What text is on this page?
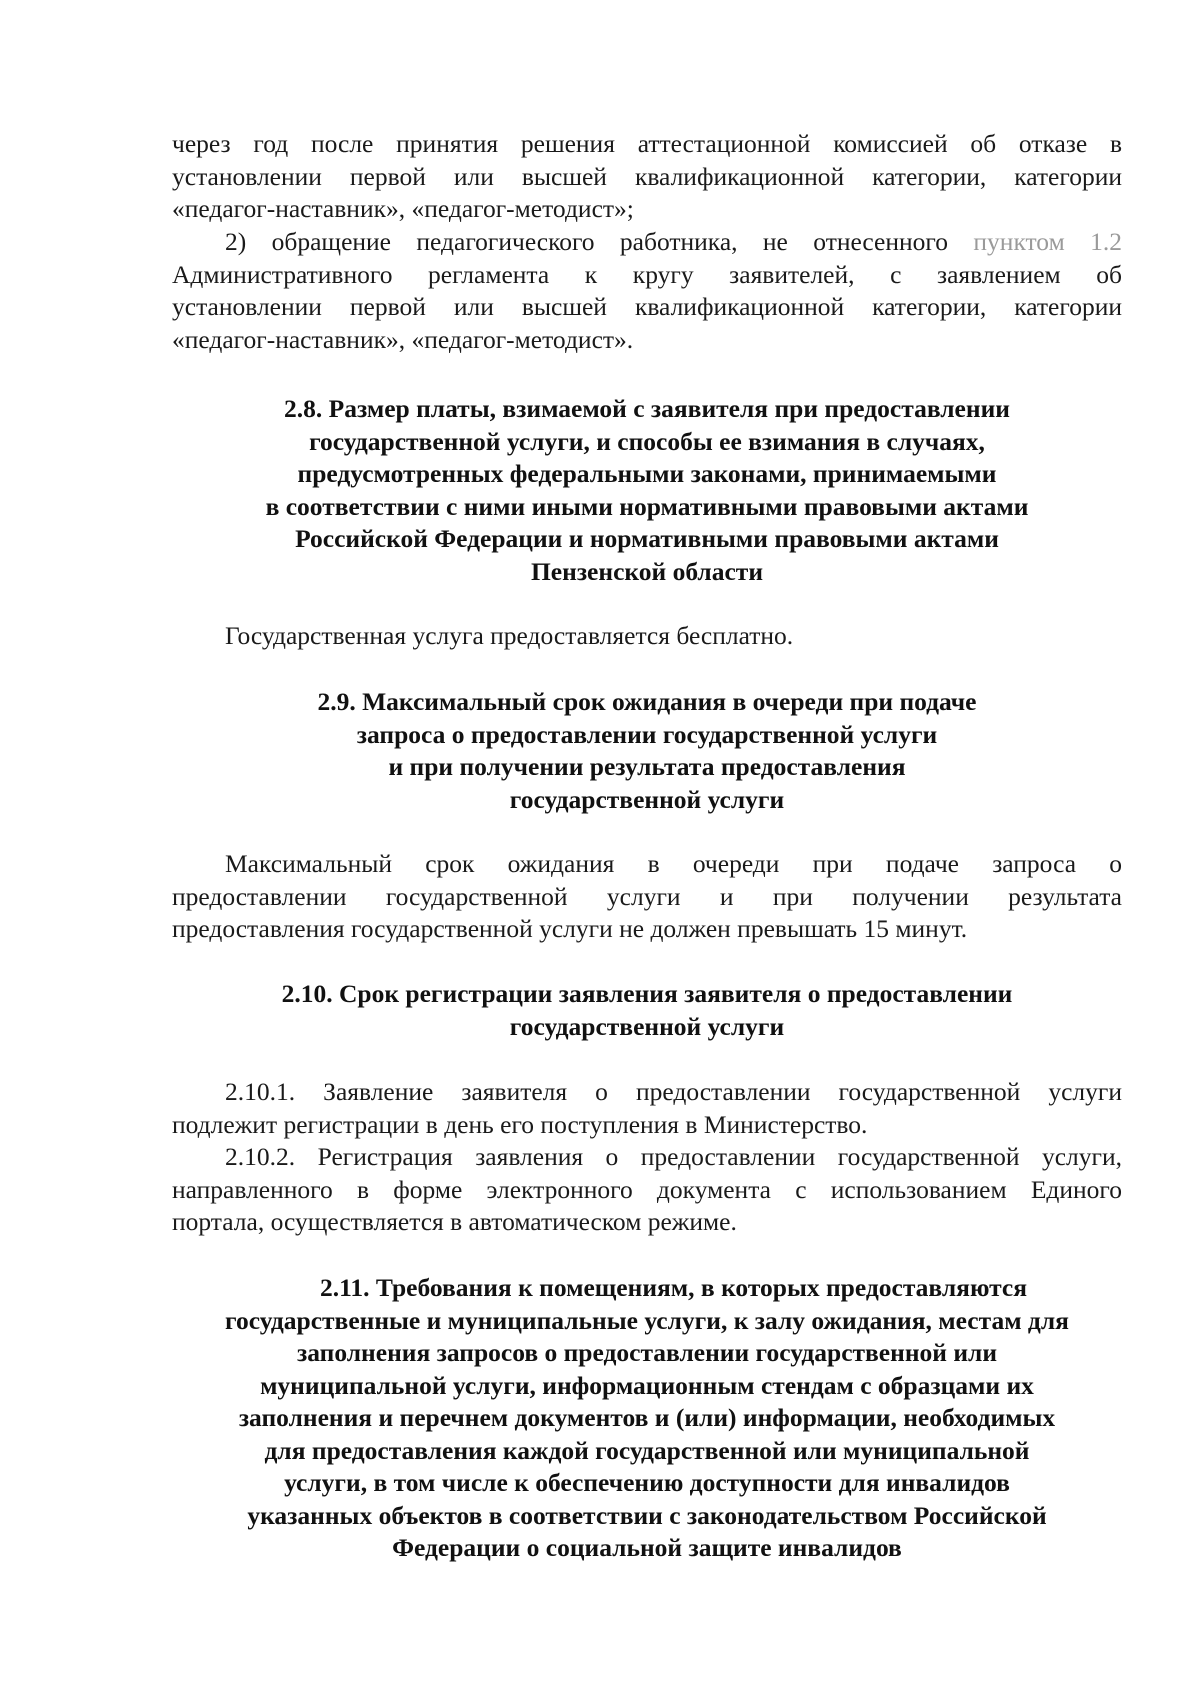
через год после принятия решения аттестационной комиссией об отказе в
установлении первой или высшей квалификационной категории, категории
«педагог-наставник», «педагог-методист»;
2) обращение педагогического работника, не отнесенного пунктом 1.2
Административного регламента к кругу заявителей, с заявлением об
установлении первой или высшей квалификационной категории, категории
«педагог-наставник», «педагог-методист».
2.8. Размер платы, взимаемой с заявителя при предоставлении
государственной услуги, и способы ее взимания в случаях,
предусмотренных федеральными законами, принимаемыми
в соответствии с ними иными нормативными правовыми актами
Российской Федерации и нормативными правовыми актами
Пензенской области
Государственная услуга предоставляется бесплатно.
2.9. Максимальный срок ожидания в очереди при подаче
запроса о предоставлении государственной услуги
и при получении результата предоставления
государственной услуги
Максимальный срок ожидания в очереди при подаче запроса о
предоставлении государственной услуги и при получении результата
предоставления государственной услуги не должен превышать 15 минут.
2.10. Срок регистрации заявления заявителя о предоставлении
государственной услуги
2.10.1. Заявление заявителя о предоставлении государственной услуги
подлежит регистрации в день его поступления в Министерство.
2.10.2. Регистрация заявления о предоставлении государственной услуги,
направленного в форме электронного документа с использованием Единого
портала, осуществляется в автоматическом режиме.
2.11. Требования к помещениям, в которых предоставляются
государственные и муниципальные услуги, к залу ожидания, местам для
заполнения запросов о предоставлении государственной или
муниципальной услуги, информационным стендам с образцами их
заполнения и перечнем документов и (или) информации, необходимых
для предоставления каждой государственной или муниципальной
услуги, в том числе к обеспечению доступности для инвалидов
указанных объектов в соответствии с законодательством Российской
Федерации о социальной защите инвалидов
